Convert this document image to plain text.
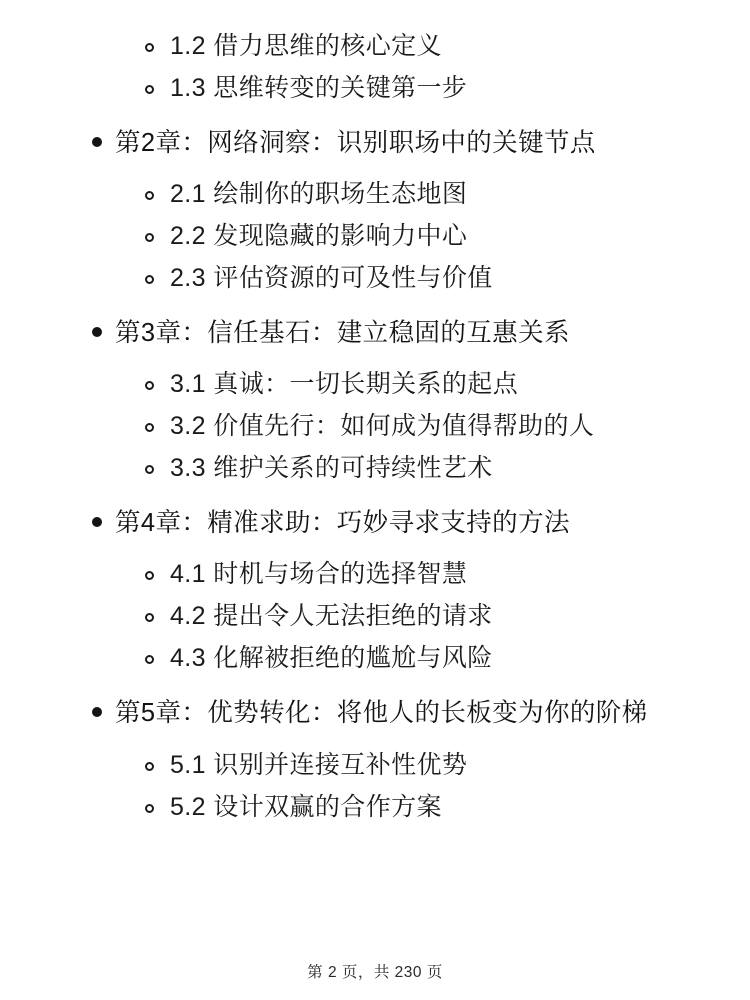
1.2 借力思维的核心定义
1.3 思维转变的关键第一步
第2章：网络洞察：识别职场中的关键节点
2.1 绘制你的职场生态地图
2.2 发现隐藏的影响力中心
2.3 评估资源的可及性与价值
第3章：信任基石：建立稳固的互惠关系
3.1 真诚：一切长期关系的起点
3.2 价值先行：如何成为值得帮助的人
3.3 维护关系的可持续性艺术
第4章：精准求助：巧妙寻求支持的方法
4.1 时机与场合的选择智慧
4.2 提出令人无法拒绝的请求
4.3 化解被拒绝的尴尬与风险
第5章：优势转化：将他人的长板变为你的阶梯
5.1 识别并连接互补性优势
5.2 设计双赢的合作方案
第 2 页，共 230 页
